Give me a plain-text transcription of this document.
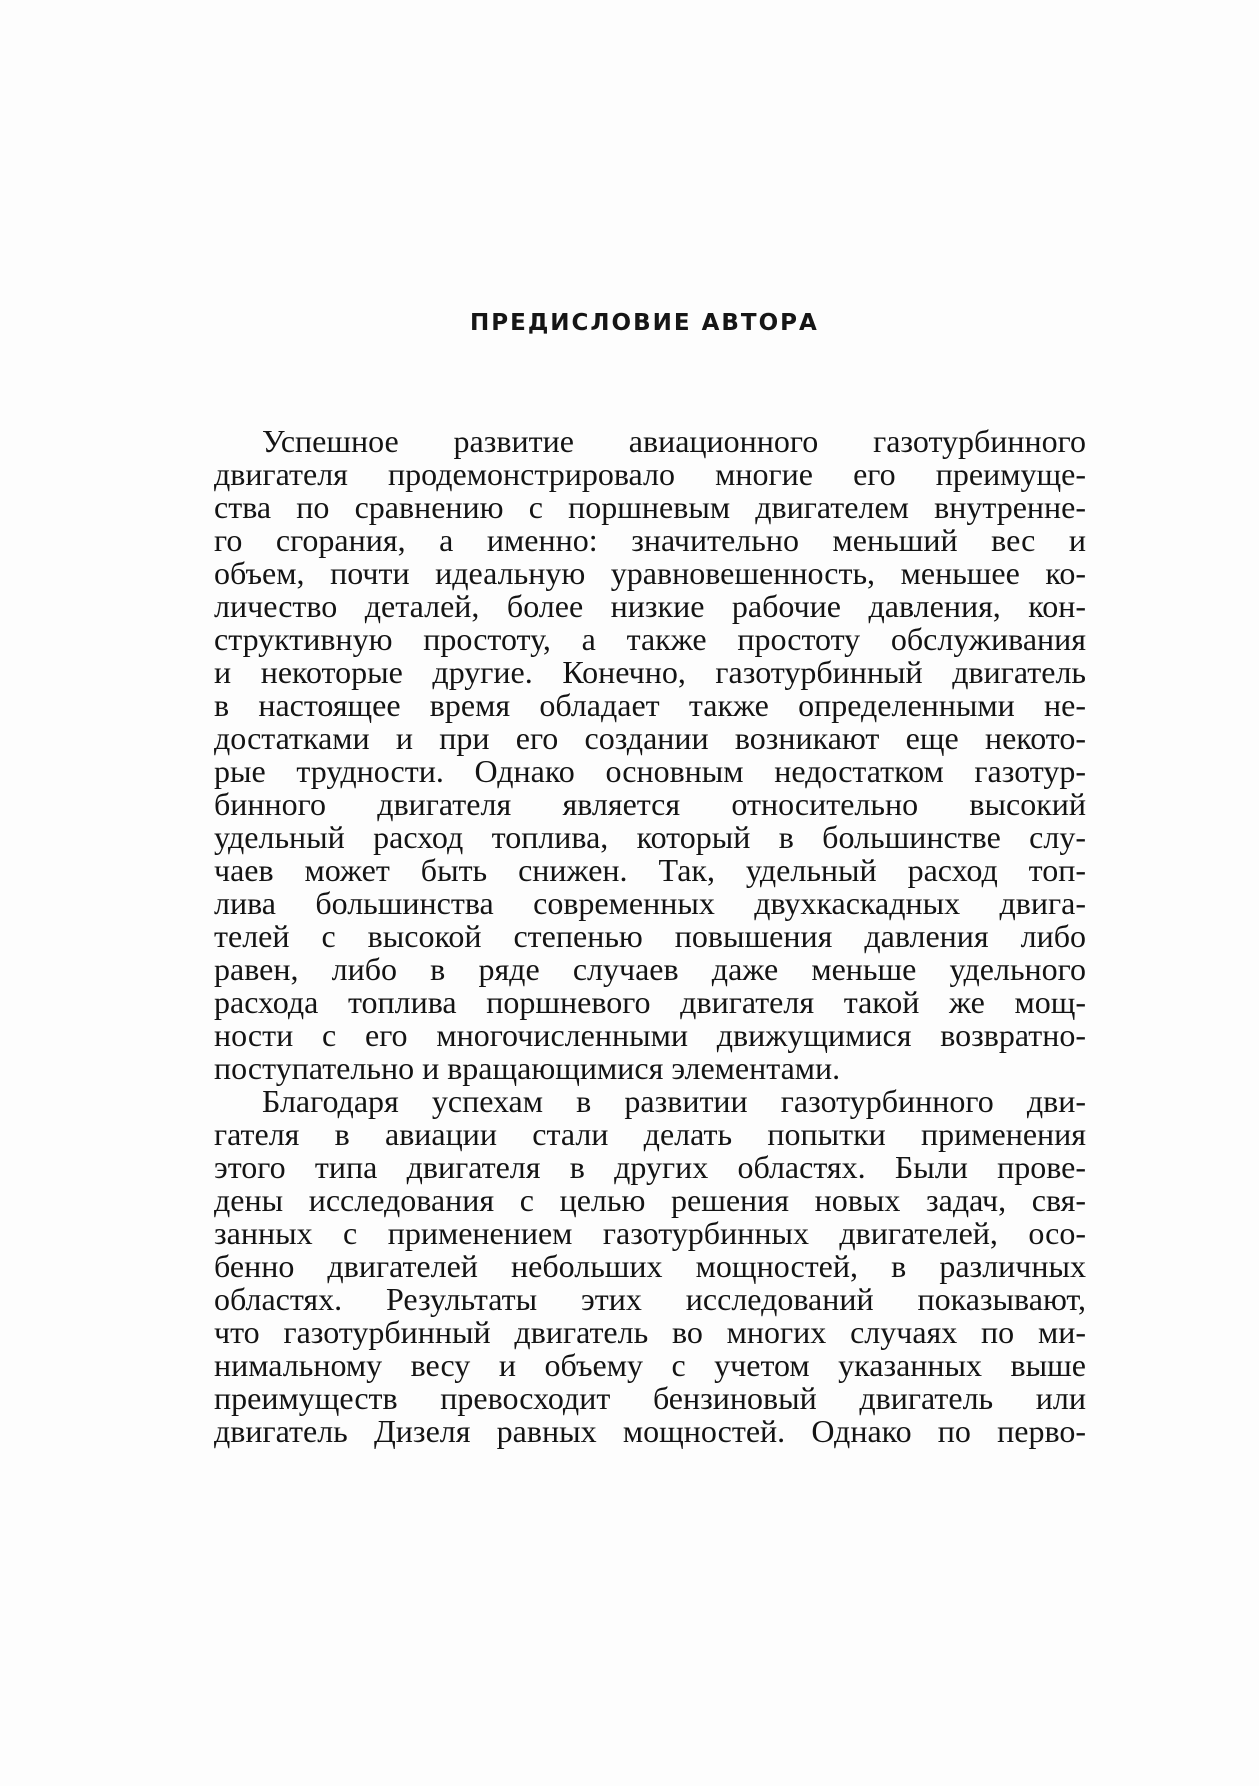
ПРЕДИСЛОВИЕ АВТОРА
Успешное развитие авиационного газотурбинного
двигателя продемонстрировало многие его преимуще-
ства по сравнению с поршневым двигателем внутренне-
го сгорания, а именно: значительно меньший вес и
объем, почти идеальную уравновешенность, меньшее ко-
личество деталей, более низкие рабочие давления, кон-
структивную простоту, а также простоту обслуживания
и некоторые другие. Конечно, газотурбинный двигатель
в настоящее время обладает также определенными не-
достатками и при его создании возникают еще некото-
рые трудности. Однако основным недостатком газотур-
бинного двигателя является относительно высокий
удельный расход топлива, который в большинстве слу-
чаев может быть снижен. Так, удельный расход топ-
лива большинства современных двухкаскадных двига-
телей с высокой степенью повышения давления либо
равен, либо в ряде случаев даже меньше удельного
расхода топлива поршневого двигателя такой же мощ-
ности с его многочисленными движущимися возвратно-
поступательно и вращающимися элементами.
Благодаря успехам в развитии газотурбинного дви-
гателя в авиации стали делать попытки применения
этого типа двигателя в других областях. Были прове-
дены исследования с целью решения новых задач, свя-
занных с применением газотурбинных двигателей, осо-
бенно двигателей небольших мощностей, в различных
областях. Результаты этих исследований показывают,
что газотурбинный двигатель во многих случаях по ми-
нимальному весу и объему с учетом указанных выше
преимуществ превосходит бензиновый двигатель или
двигатель Дизеля равных мощностей. Однако по перво-
